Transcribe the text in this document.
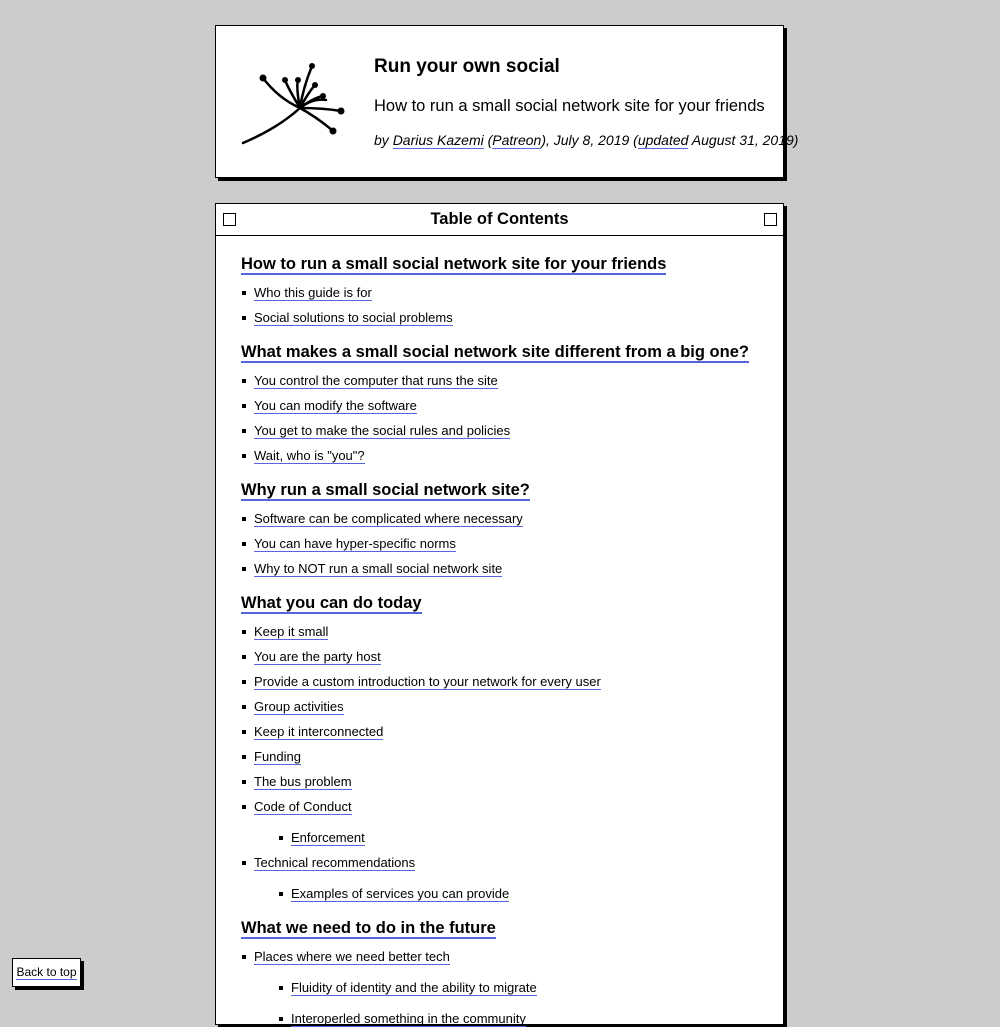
Run your own social

How to run a small social network site for your friends

by Darius Kazemi (Patreon), July 8, 2019 (updated August 31, 2019)
Table of Contents
How to run a small social network site for your friends
Who this guide is for
Social solutions to social problems
What makes a small social network site different from a big one?
You control the computer that runs the site
You can modify the software
You get to make the social rules and policies
Wait, who is "you"?
Why run a small social network site?
Software can be complicated where necessary
You can have hyper-specific norms
Why to NOT run a small social network site
What you can do today
Keep it small
You are the party host
Provide a custom introduction to your network for every user
Group activities
Keep it interconnected
Funding
The bus problem
Code of Conduct
Enforcement
Technical recommendations
Examples of services you can provide
What we need to do in the future
Places where we need better tech
Fluidity of identity and the ability to migrate
Interoperled something in the community
Back to top
